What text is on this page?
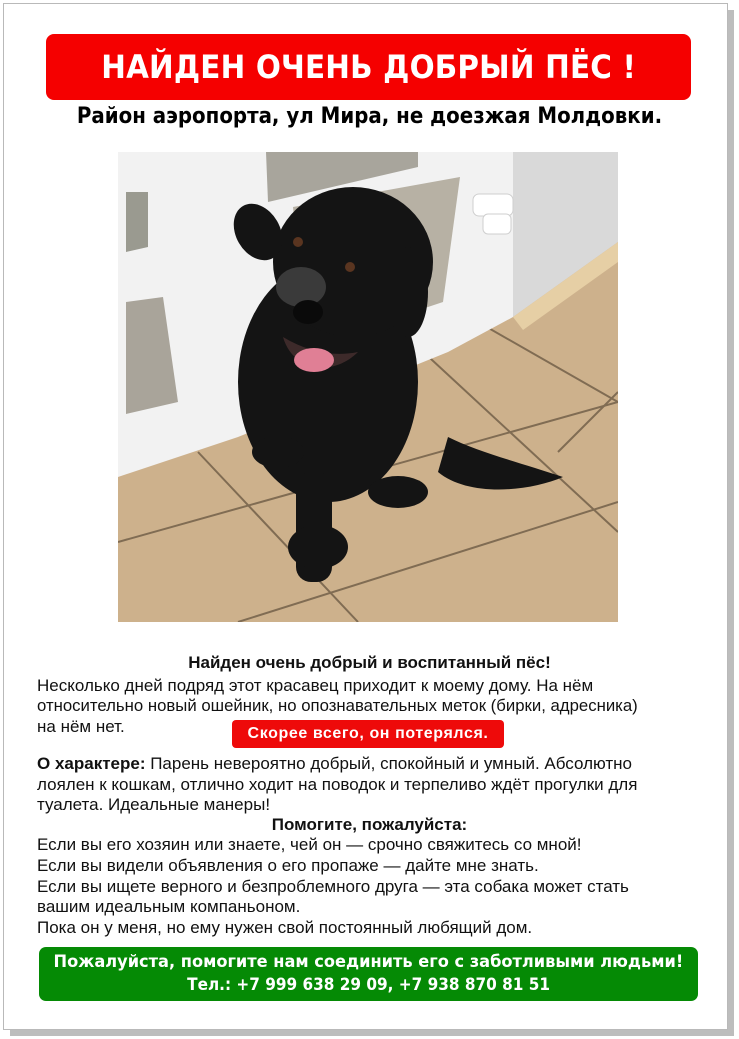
НАЙДЕН ОЧЕНЬ ДОБРЫЙ ПЁС !
Район аэропорта, ул Мира, не доезжая Молдовки.
Найден очень добрый и воспитанный пёс!
Несколько дней подряд этот красавец приходит к моему дому. На нём
относительно новый ошейник, но опознавательных меток (бирки, адресника)
на нём нет.	Скорее всего, он потерялся.
О характере: Парень невероятно добрый, спокойный и умный. Абсолютно
лоялен к кошкам, отлично ходит на поводок и терпеливо ждёт прогулки для
туалета. Идеальные манеры!
Помогите, пожалуйста:
Если вы его хозяин или знаете, чей он — срочно свяжитесь со мной!
Если вы видели объявления о его пропаже — дайте мне знать.
Если вы ищете верного и безпроблемного друга — эта собака может стать
вашим идеальным компаньоном.
Пока он у меня, но ему нужен свой постоянный любящий дом.
Пожалуйста, помогите нам соединить его с заботливыми людьми!
Тел.: +7 999 638 29 09, +7 938 870 81 51
